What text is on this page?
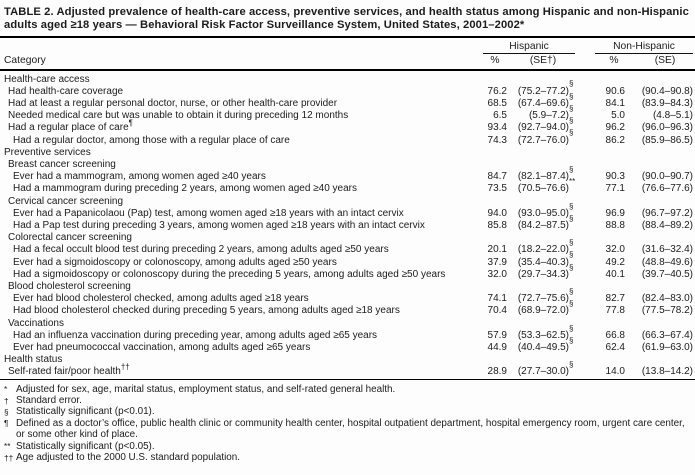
TABLE 2. Adjusted prevalence of health-care access, preventive services, and health status among Hispanic and non-Hispanic adults aged ≥18 years — Behavioral Risk Factor Surveillance System, United States, 2001–2002*

	Hispanic		Non-Hispanic	

Category	%	(SE†)	%	(SE)
Health-care access				
Had health-care coverage	76.2	(75.2–77.2)§	90.6	(90.4–90.8)
Had at least a regular personal doctor, nurse, or other health-care provider	68.5	(67.4–69.6)§	84.1	(83.9–84.3)
Needed medical care but was unable to obtain it during preceding 12 months	6.5	(5.9–7.2)§	5.0	(4.8–5.1)
Had a regular place of care¶	93.4	(92.7–94.0)§	96.2	(96.0–96.3)
Had a regular doctor, among those with a regular place of care	74.3	(72.7–76.0)§	86.2	(85.9–86.5)
Preventive services				
Breast cancer screening				
Ever had a mammogram, among women aged ≥40 years	84.7	(82.1–87.4)§	90.3	(90.0–90.7)
Had a mammogram during preceding 2 years, among women aged ≥40 years	73.5	(70.5–76.6)**	77.1	(76.6–77.6)
Cervical cancer screening				
Ever had a Papanicolaou (Pap) test, among women aged ≥18 years with an intact cervix	94.0	(93.0–95.0)§	96.9	(96.7–97.2)
Had a Pap test during preceding 3 years, among women aged ≥18 years with an intact cervix	85.8	(84.2–87.5)§	88.8	(88.4–89.2)
Colorectal cancer screening				
Had a fecal occult blood test during preceding 2 years, among adults aged ≥50 years	20.1	(18.2–22.0)§	32.0	(31.6–32.4)
Ever had a sigmoidoscopy or colonoscopy, among adults aged ≥50 years	37.9	(35.4–40.3)§	49.2	(48.8–49.6)
Had a sigmoidoscopy or colonoscopy during the preceding 5 years, among adults aged ≥50 years	32.0	(29.7–34.3)§	40.1	(39.7–40.5)
Blood cholesterol screening				
Ever had blood cholesterol checked, among adults aged ≥18 years	74.1	(72.7–75.6)§	82.7	(82.4–83.0)
Had blood cholesterol checked during preceding 5 years, among adults aged ≥18 years	70.4	(68.9–72.0)§	77.8	(77.5–78.2)
Vaccinations				
Had an influenza vaccination during preceding year, among adults aged ≥65 years	57.9	(53.3–62.5)§	66.8	(66.3–67.4)
Ever had pneumococcal vaccination, among adults aged ≥65 years	44.9	(40.4–49.5)§	62.4	(61.9–63.0)
Health status				
Self-rated fair/poor health††	28.9	(27.7–30.0)§	14.0	(13.8–14.2)
* Adjusted for sex, age, marital status, employment status, and self-rated general health.
† Standard error.
§ Statistically significant (p<0.01).
¶ Defined as a doctor’s office, public health clinic or community health center, hospital outpatient department, hospital emergency room, urgent care center, or some other kind of place.
** Statistically significant (p<0.05).
†† Age adjusted to the 2000 U.S. standard population.
